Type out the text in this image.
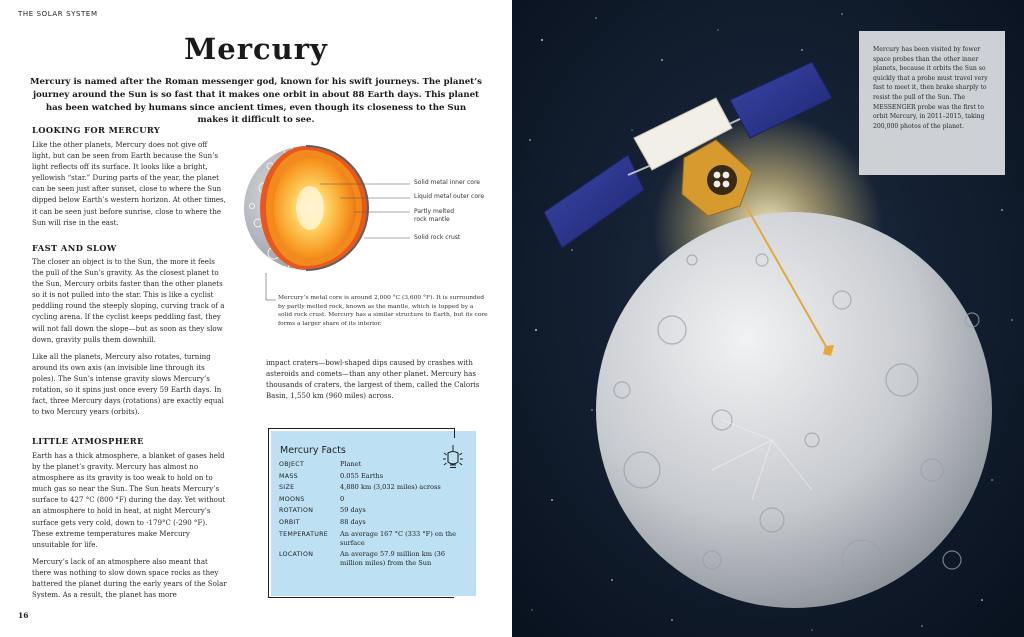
THE SOLAR SYSTEM
Mercury

Mercury is named after the Roman messenger god, known for his swift journeys. The planet’s journey around the Sun is so fast that it makes one orbit in about 88 Earth days. This planet has been watched by humans since ancient times, even though its closeness to the Sun makes it difficult to see.

LOOKING FOR MERCURY

Like the other planets, Mercury does not give off light, but can be seen from Earth because the Sun’s light reflects off its surface. It looks like a bright, yellowish “star.” During parts of the year, the planet can be seen just after sunset, close to where the Sun dipped below Earth’s western horizon. At other times, it can be seen just before sunrise, close to where the Sun will rise in the east.

FAST AND SLOW

The closer an object is to the Sun, the more it feels the pull of the Sun’s gravity. As the closest planet to the Sun, Mercury orbits faster than the other planets so it is not pulled into the star. This is like a cyclist peddling round the steeply sloping, curving track of a cycling arena. If the cyclist keeps peddling fast, they will not fall down the slope—but as soon as they slow down, gravity pulls them downhill.

Like all the planets, Mercury also rotates, turning around its own axis (an invisible line through its poles). The Sun’s intense gravity slows Mercury’s rotation, so it spins just once every 59 Earth days. In fact, three Mercury days (rotations) are exactly equal to two Mercury years (orbits).

LITTLE ATMOSPHERE

Earth has a thick atmosphere, a blanket of gases held by the planet’s gravity. Mercury has almost no atmosphere as its gravity is too weak to hold on to much gas so near the Sun. The Sun heats Mercury’s surface to 427 °C (800 °F) during the day. Yet without an atmosphere to hold in heat, at night Mercury’s surface gets very cold, down to -179°C (-290 °F). These extreme temperatures make Mercury unsuitable for life.

Mercury’s lack of an atmosphere also meant that there was nothing to slow down space rocks as they battered the planet during the early years of the Solar System. As a result, the planet has more

Solid metal inner core
Liquid metal outer core
Partly melted rock mantle
Solid rock crust

Mercury’s metal core is around 2,000 °C (3,600 °F). It is surrounded by partly melted rock, known as the mantle, which is topped by a solid rock crust. Mercury has a similar structure to Earth, but its core forms a larger share of its interior.

impact craters—bowl-shaped dips caused by crashes with asteroids and comets—than any other planet. Mercury has thousands of craters, the largest of them, called the Caloris Basin, 1,550 km (960 miles) across.

Mercury Facts
OBJECT	Planet
MASS	0.055 Earths
SIZE	4,880 km (3,032 miles) across
MOONS	0
ROTATION	59 days
ORBIT	88 days
TEMPERATURE	An average 167 °C (333 °F) on the surface
LOCATION	An average 57.9 million km (36 million miles) from the Sun
16

Mercury has been visited by fewer space probes than the other inner planets, because it orbits the Sun so quickly that a probe must travel very fast to meet it, then brake sharply to resist the pull of the Sun. The MESSENGER probe was the first to orbit Mercury, in 2011–2015, taking 200,000 photos of the planet.
